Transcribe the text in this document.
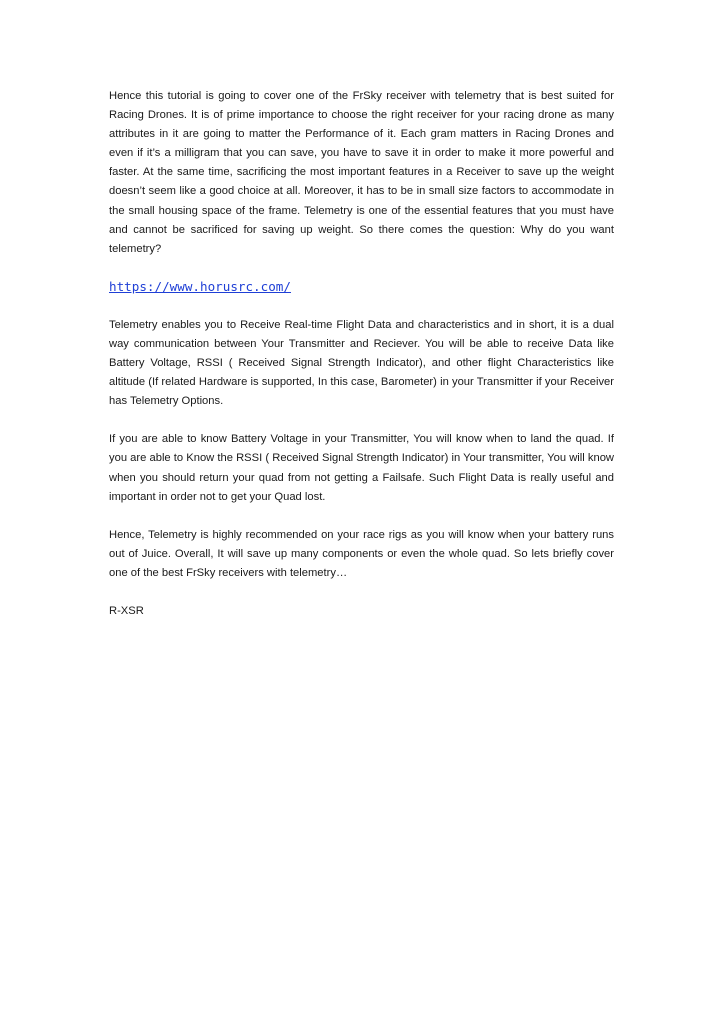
Hence this tutorial is going to cover one of the FrSky receiver with telemetry that is best suited for Racing Drones. It is of prime importance to choose the right receiver for your racing drone as many attributes in it are going to matter the Performance of it. Each gram matters in Racing Drones and even if it’s a milligram that you can save, you have to save it in order to make it more powerful and faster. At the same time, sacrificing the most important features in a Receiver to save up the weight doesn’t seem like a good choice at all. Moreover, it has to be in small size factors to accommodate in the small housing space of the frame. Telemetry is one of the essential features that you must have and cannot be sacrificed for saving up weight. So there comes the question: Why do you want telemetry?

https://www.horusrc.com/

Telemetry enables you to Receive Real-time Flight Data and characteristics and in short, it is a dual way communication between Your Transmitter and Reciever. You will be able to receive Data like Battery Voltage, RSSI ( Received Signal Strength Indicator), and other flight Characteristics like altitude (If related Hardware is supported, In this case, Barometer) in your Transmitter if your Receiver has Telemetry Options.

If you are able to know Battery Voltage in your Transmitter, You will know when to land the quad. If you are able to Know the RSSI ( Received Signal Strength Indicator) in Your transmitter, You will know when you should return your quad from not getting a Failsafe. Such Flight Data is really useful and important in order not to get your Quad lost.

Hence, Telemetry is highly recommended on your race rigs as you will know when your battery runs out of Juice. Overall, It will save up many components or even the whole quad. So lets briefly cover one of the best FrSky receivers with telemetry…

R-XSR
